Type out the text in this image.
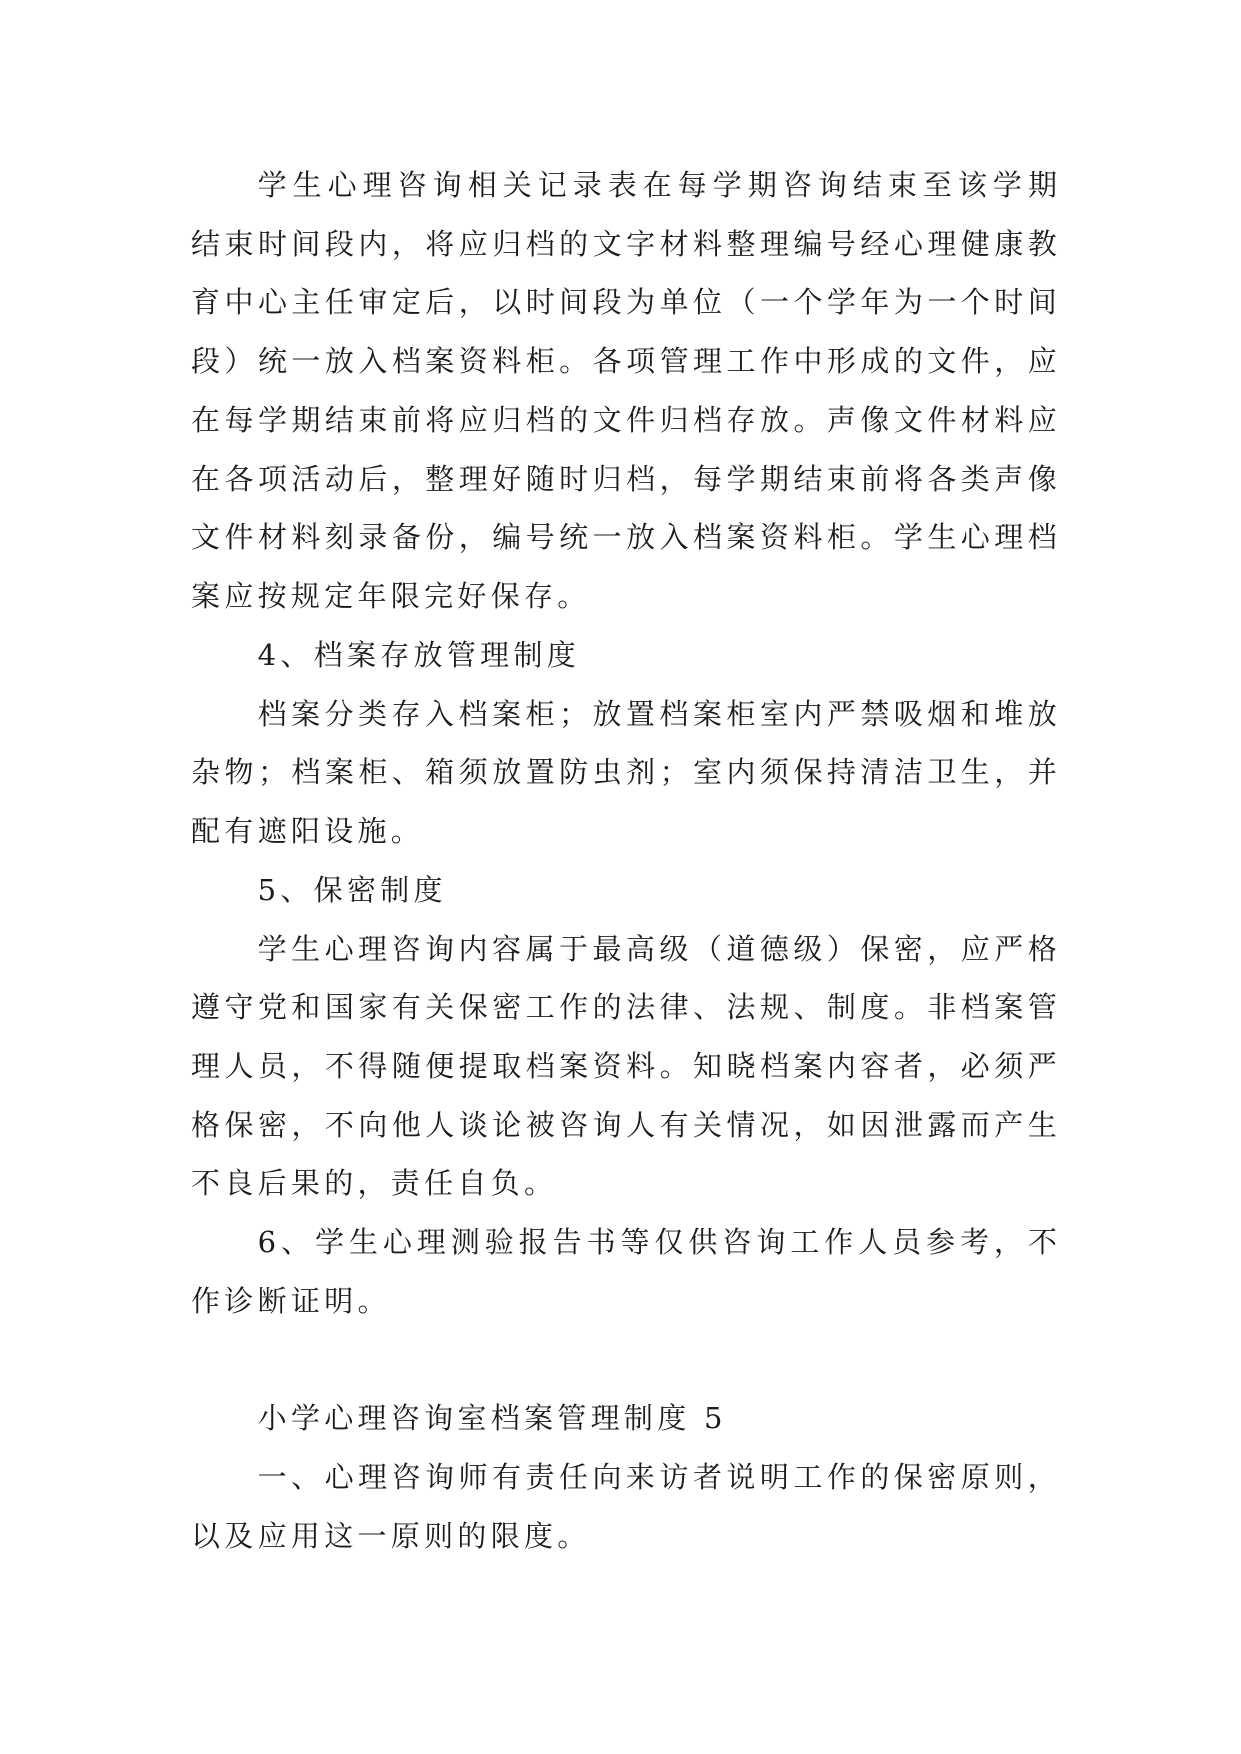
学 生 心 理 咨 询 相 关 记 录 表 在 每 学 期 咨 询 结 束 至 该 学 期
结 束 时 间 段 内 ， 将 应 归 档 的 文 字 材 料 整 理 编 号 经 心 理 健 康 教
育 中 心 主 任 审 定 后 ， 以 时 间 段 为 单 位 （ 一 个 学 年 为 一 个 时 间
段 ） 统 一 放 入 档 案 资 料 柜 。 各 项 管 理 工 作 中 形 成 的 文 件 ， 应
在 每 学 期 结 束 前 将 应 归 档 的 文 件 归 档 存 放 。 声 像 文 件 材 料 应
在 各 项 活 动 后 ， 整 理 好 随 时 归 档 ， 每 学 期 结 束 前 将 各 类 声 像
文 件 材 料 刻 录 备 份 ， 编 号 统 一 放 入 档 案 资 料 柜 。 学 生 心 理 档
案应按规定年限完好保存。
4、档案存放管理制度
档 案 分 类 存 入 档 案 柜 ； 放 置 档 案 柜 室 内 严 禁 吸 烟 和 堆 放
杂 物 ； 档 案 柜 、 箱 须 放 置 防 虫 剂 ； 室 内 须 保 持 清 洁 卫 生 ， 并
配有遮阳设施。
5、保密制度
学 生 心 理 咨 询 内 容 属 于 最 高 级 （ 道 德 级 ） 保 密 ， 应 严 格
遵 守 党 和 国 家 有 关 保 密 工 作 的 法 律 、 法 规 、 制 度 。 非 档 案 管
理 人 员 ， 不 得 随 便 提 取 档 案 资 料 。 知 晓 档 案 内 容 者 ， 必 须 严
格 保 密 ， 不 向 他 人 谈 论 被 咨 询 人 有 关 情 况 ， 如 因 泄 露 而 产 生
不良后果的，责任自负。
6 、 学 生 心 理 测 验 报 告 书 等 仅 供 咨 询 工 作 人 员 参 考 ， 不
作诊断证明。
小学心理咨询室档案管理制度 5
一 、 心 理 咨 询 师 有 责 任 向 来 访 者 说 明 工 作 的 保 密 原 则 ，
以及应用这一原则的限度。
